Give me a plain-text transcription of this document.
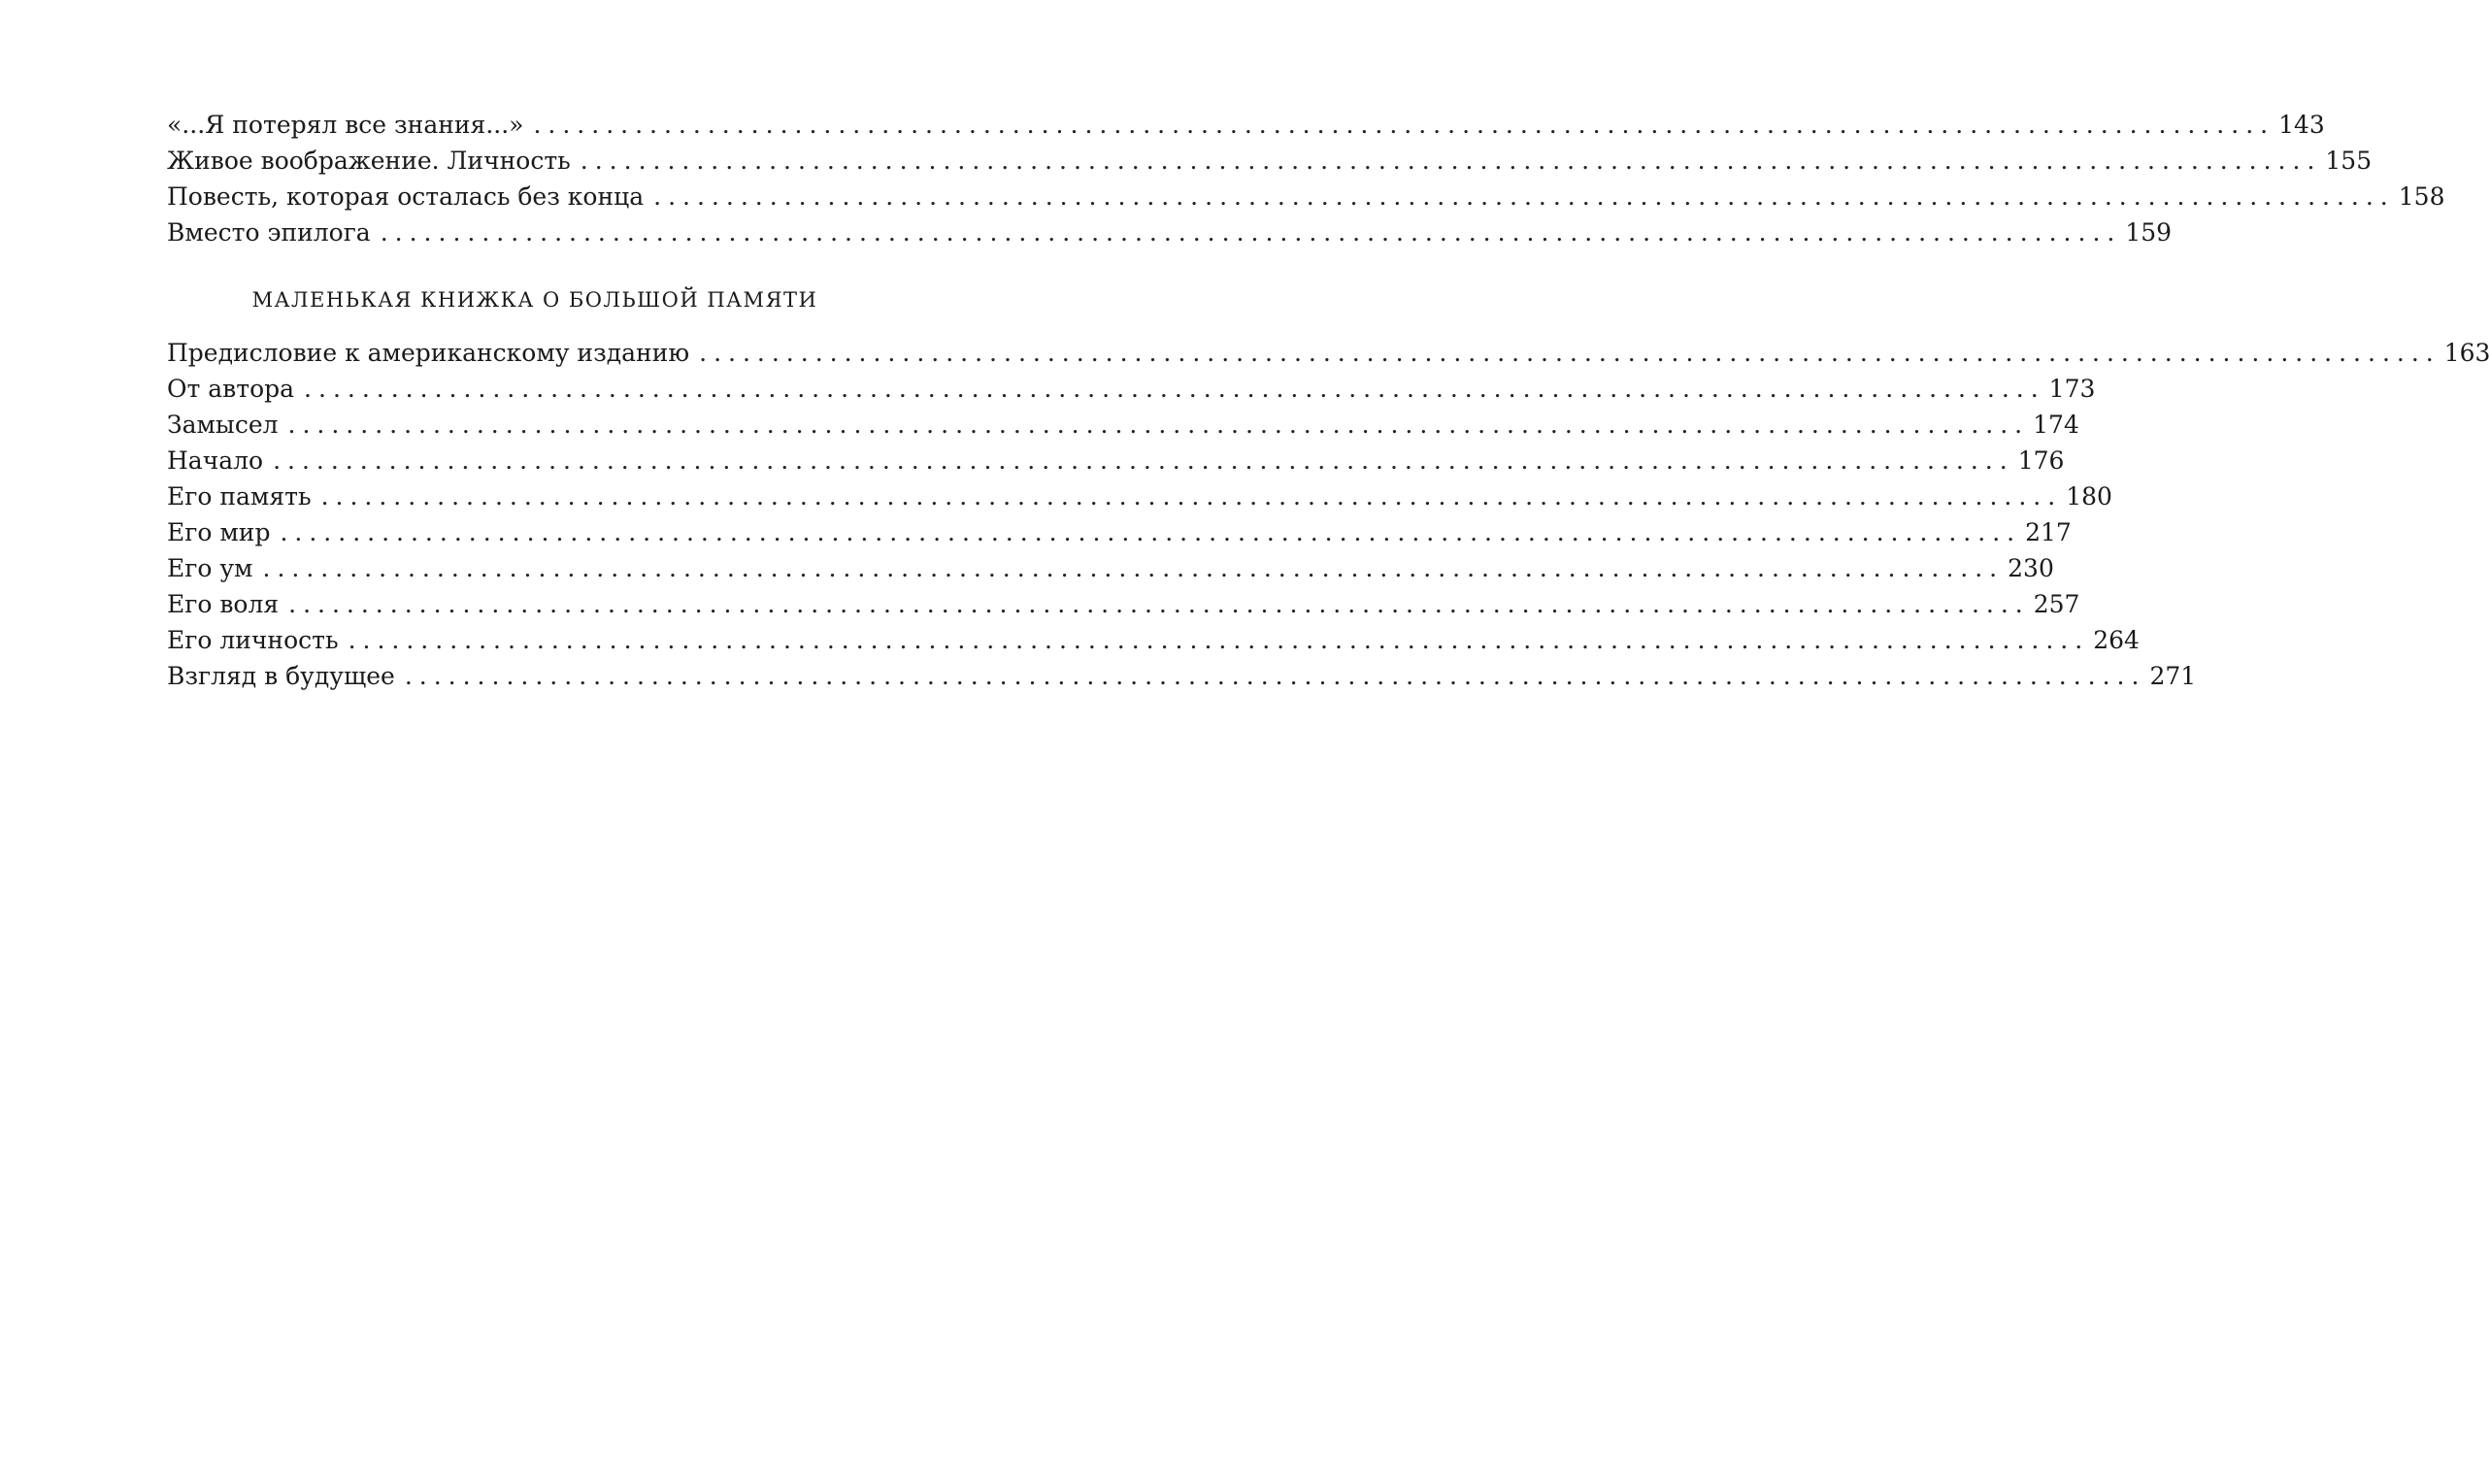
«...Я потерял все знания...» ........................................................................................................................ 143
Живое воображение. Личность ........................................................................................................................ 155
Повесть, которая осталась без конца ........................................................................................................................ 158
Вместо эпилога ........................................................................................................................ 159
МАЛЕНЬКАЯ КНИЖКА О БОЛЬШОЙ ПАМЯТИ
Предисловие к американскому изданию ........................................................................................................................ 163
От автора ........................................................................................................................ 173
Замысел ........................................................................................................................ 174
Начало ........................................................................................................................ 176
Его память ........................................................................................................................ 180
Его мир ........................................................................................................................ 217
Его ум ........................................................................................................................ 230
Его воля ........................................................................................................................ 257
Его личность ........................................................................................................................ 264
Взгляд в будущее ........................................................................................................................ 271
